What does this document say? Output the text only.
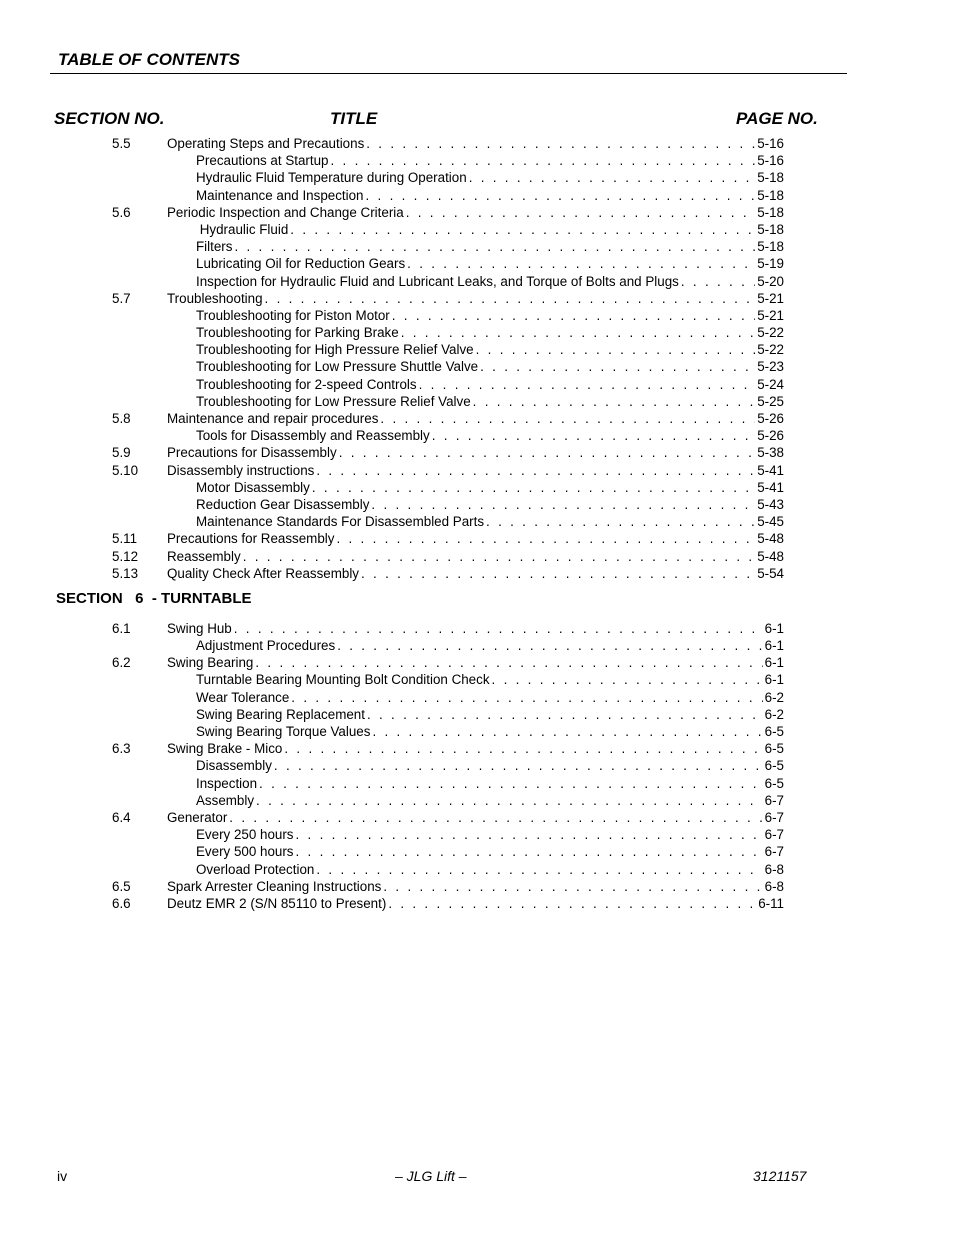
TABLE OF CONTENTS
SECTION NO.	TITLE	PAGE NO.
5.5	Operating Steps and Precautions . . .	5-16
Precautions at Startup . . .	5-16
Hydraulic Fluid Temperature during Operation . . .	5-18
Maintenance and Inspection . . .	5-18
5.6	Periodic Inspection and Change Criteria . . .	5-18
Hydraulic Fluid . . .	5-18
Filters . . .	5-18
Lubricating Oil for Reduction Gears . . .	5-19
Inspection for Hydraulic Fluid and Lubricant Leaks, and Torque of Bolts and Plugs . . .	5-20
5.7	Troubleshooting . . .	5-21
Troubleshooting for Piston Motor . . .	5-21
Troubleshooting for Parking Brake . . .	5-22
Troubleshooting for High Pressure Relief Valve . . .	5-22
Troubleshooting for Low Pressure Shuttle Valve . . .	5-23
Troubleshooting for 2-speed Controls . . .	5-24
Troubleshooting for Low Pressure Relief Valve . . .	5-25
5.8	Maintenance and repair procedures . . .	5-26
Tools for Disassembly and Reassembly . . .	5-26
5.9	Precautions for Disassembly . . .	5-38
5.10 Disassembly instructions . . .	5-41
Motor Disassembly . . .	5-41
Reduction Gear Disassembly . . .	5-43
Maintenance Standards For Disassembled Parts . . .	5-45
5.11 Precautions for Reassembly . . .	5-48
5.12 Reassembly . . .	5-48
5.13 Quality Check After Reassembly . . .	5-54
SECTION   6  - TURNTABLE
6.1	Swing Hub . . .	6-1
Adjustment Procedures . . .	6-1
6.2	Swing Bearing . . .	6-1
Turntable Bearing Mounting Bolt Condition Check . . .	6-1
Wear Tolerance . . .	6-2
Swing Bearing Replacement . . .	6-2
Swing Bearing Torque Values . . .	6-5
6.3	Swing Brake - Mico . . .	6-5
Disassembly . . .	6-5
Inspection . . .	6-5
Assembly . . .	6-7
6.4	Generator . . .	6-7
Every 250 hours . . .	6-7
Every 500 hours . . .	6-7
Overload Protection . . .	6-8
6.5	Spark Arrester Cleaning Instructions . . .	6-8
6.6	Deutz EMR 2 (S/N 85110 to Present) . . .	6-11
iv	– JLG Lift –	3121157
